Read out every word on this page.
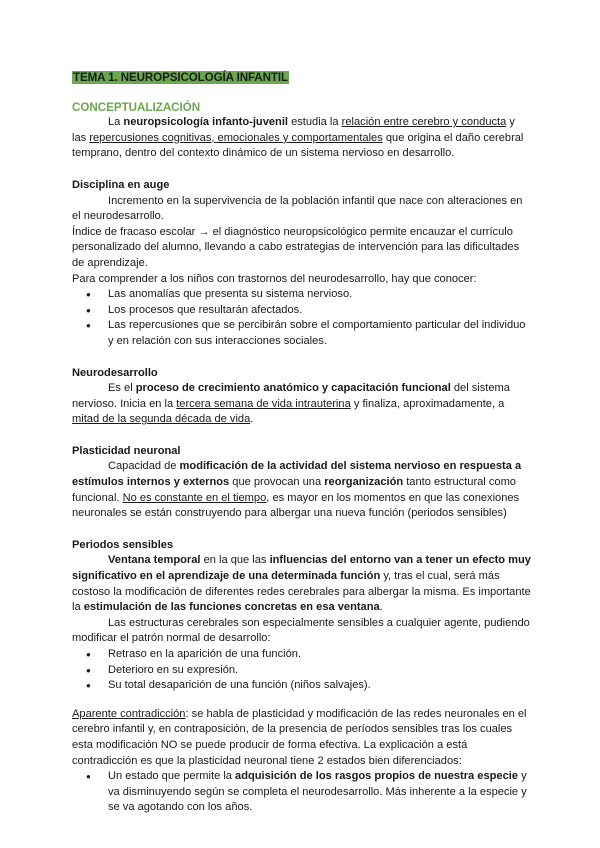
TEMA 1. NEUROPSICOLOGÍA INFANTIL
CONCEPTUALIZACIÓN

La neuropsicología infanto-juvenil estudia la relación entre cerebro y conducta y las repercusiones cognitivas, emocionales y comportamentales que origina el daño cerebral temprano, dentro del contexto dinámico de un sistema nervioso en desarrollo.

Disciplina en auge

Incremento en la supervivencia de la población infantil que nace con alteraciones en el neurodesarrollo.

Índice de fracaso escolar → el diagnóstico neuropsicológico permite encauzar el currículo personalizado del alumno, llevando a cabo estrategias de intervención para las dificultades de aprendizaje.

Para comprender a los niños con trastornos del neurodesarrollo, hay que conocer:

● Las anomalías que presenta su sistema nervioso.
● Los procesos que resultarán afectados.
● Las repercusiones que se percibirán sobre el comportamiento particular del individuo y en relación con sus interacciones sociales.
Neurodesarrollo

Es el proceso de crecimiento anatómico y capacitación funcional del sistema nervioso. Inicia en la tercera semana de vida intrauterina y finaliza, aproximadamente, a mitad de la segunda década de vida.

Plasticidad neuronal

Capacidad de modificación de la actividad del sistema nervioso en respuesta a estímulos internos y externos que provocan una reorganización tanto estructural como funcional. No es constante en el tiempo, es mayor en los momentos en que las conexiones neuronales se están construyendo para albergar una nueva función (periodos sensibles)

Periodos sensibles

Ventana temporal en la que las influencias del entorno van a tener un efecto muy significativo en el aprendizaje de una determinada función y, tras el cual, será más costoso la modificación de diferentes redes cerebrales para albergar la misma. Es importante la estimulación de las funciones concretas en esa ventana.

Las estructuras cerebrales son especialmente sensibles a cualquier agente, pudiendo modificar el patrón normal de desarrollo:

● Retraso en la aparición de una función.
● Deterioro en su expresión.
● Su total desaparición de una función (niños salvajes).

Aparente contradicción: se habla de plasticidad y modificación de las redes neuronales en el cerebro infantil y, en contraposición, de la presencia de períodos sensibles tras los cuales esta modificación NO se puede producir de forma efectiva. La explicación a está contradicción es que la plasticidad neuronal tiene 2 estados bien diferenciados:

● Un estado que permite la adquisición de los rasgos propios de nuestra especie y va disminuyendo según se completa el neurodesarrollo. Más inherente a la especie y se va agotando con los años.
